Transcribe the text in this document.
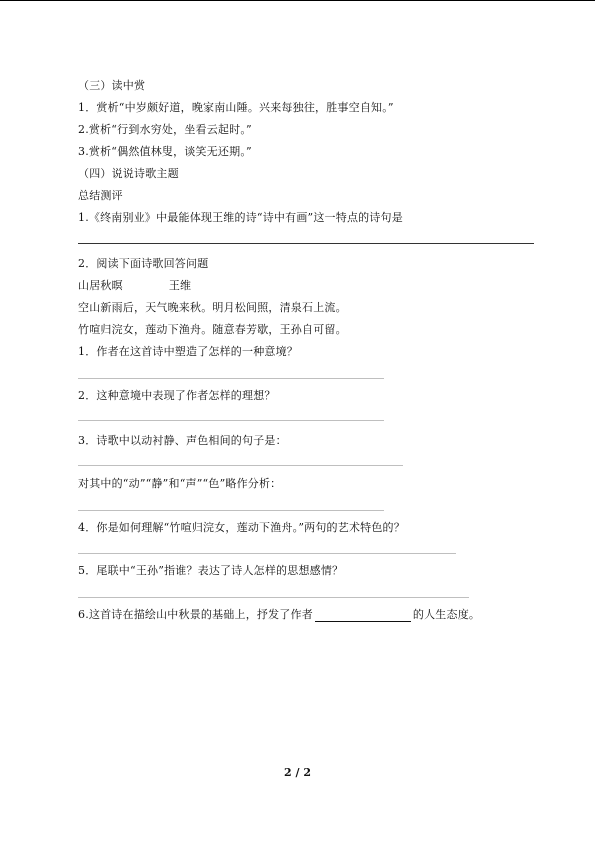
（三）读中赏
1．赏析“中岁颇好道，晚家南山陲。兴来每独往，胜事空自知。”
2.赏析“行到水穷处，坐看云起时。”
3.赏析“偶然值林叟，谈笑无还期。”
（四）说说诗歌主题
总结测评
1.《终南别业》中最能体现王维的诗“诗中有画”这一特点的诗句是
2．阅读下面诗歌回答问题
山居秋暝	王维
空山新雨后，天气晚来秋。明月松间照，清泉石上流。
竹喧归浣女，莲动下渔舟。随意春芳歇，王孙自可留。
1．作者在这首诗中塑造了怎样的一种意境？
2．这种意境中表现了作者怎样的理想？
3．诗歌中以动衬静、声色相间的句子是：
对其中的“动”“静”和“声”“色”略作分析：
4．你是如何理解“竹喧归浣女，莲动下渔舟。”两句的艺术特色的？
5．尾联中“王孙”指谁？表达了诗人怎样的思想感情？
6.这首诗在描绘山中秋景的基础上，抒发了作者	的人生态度。
2 / 2
